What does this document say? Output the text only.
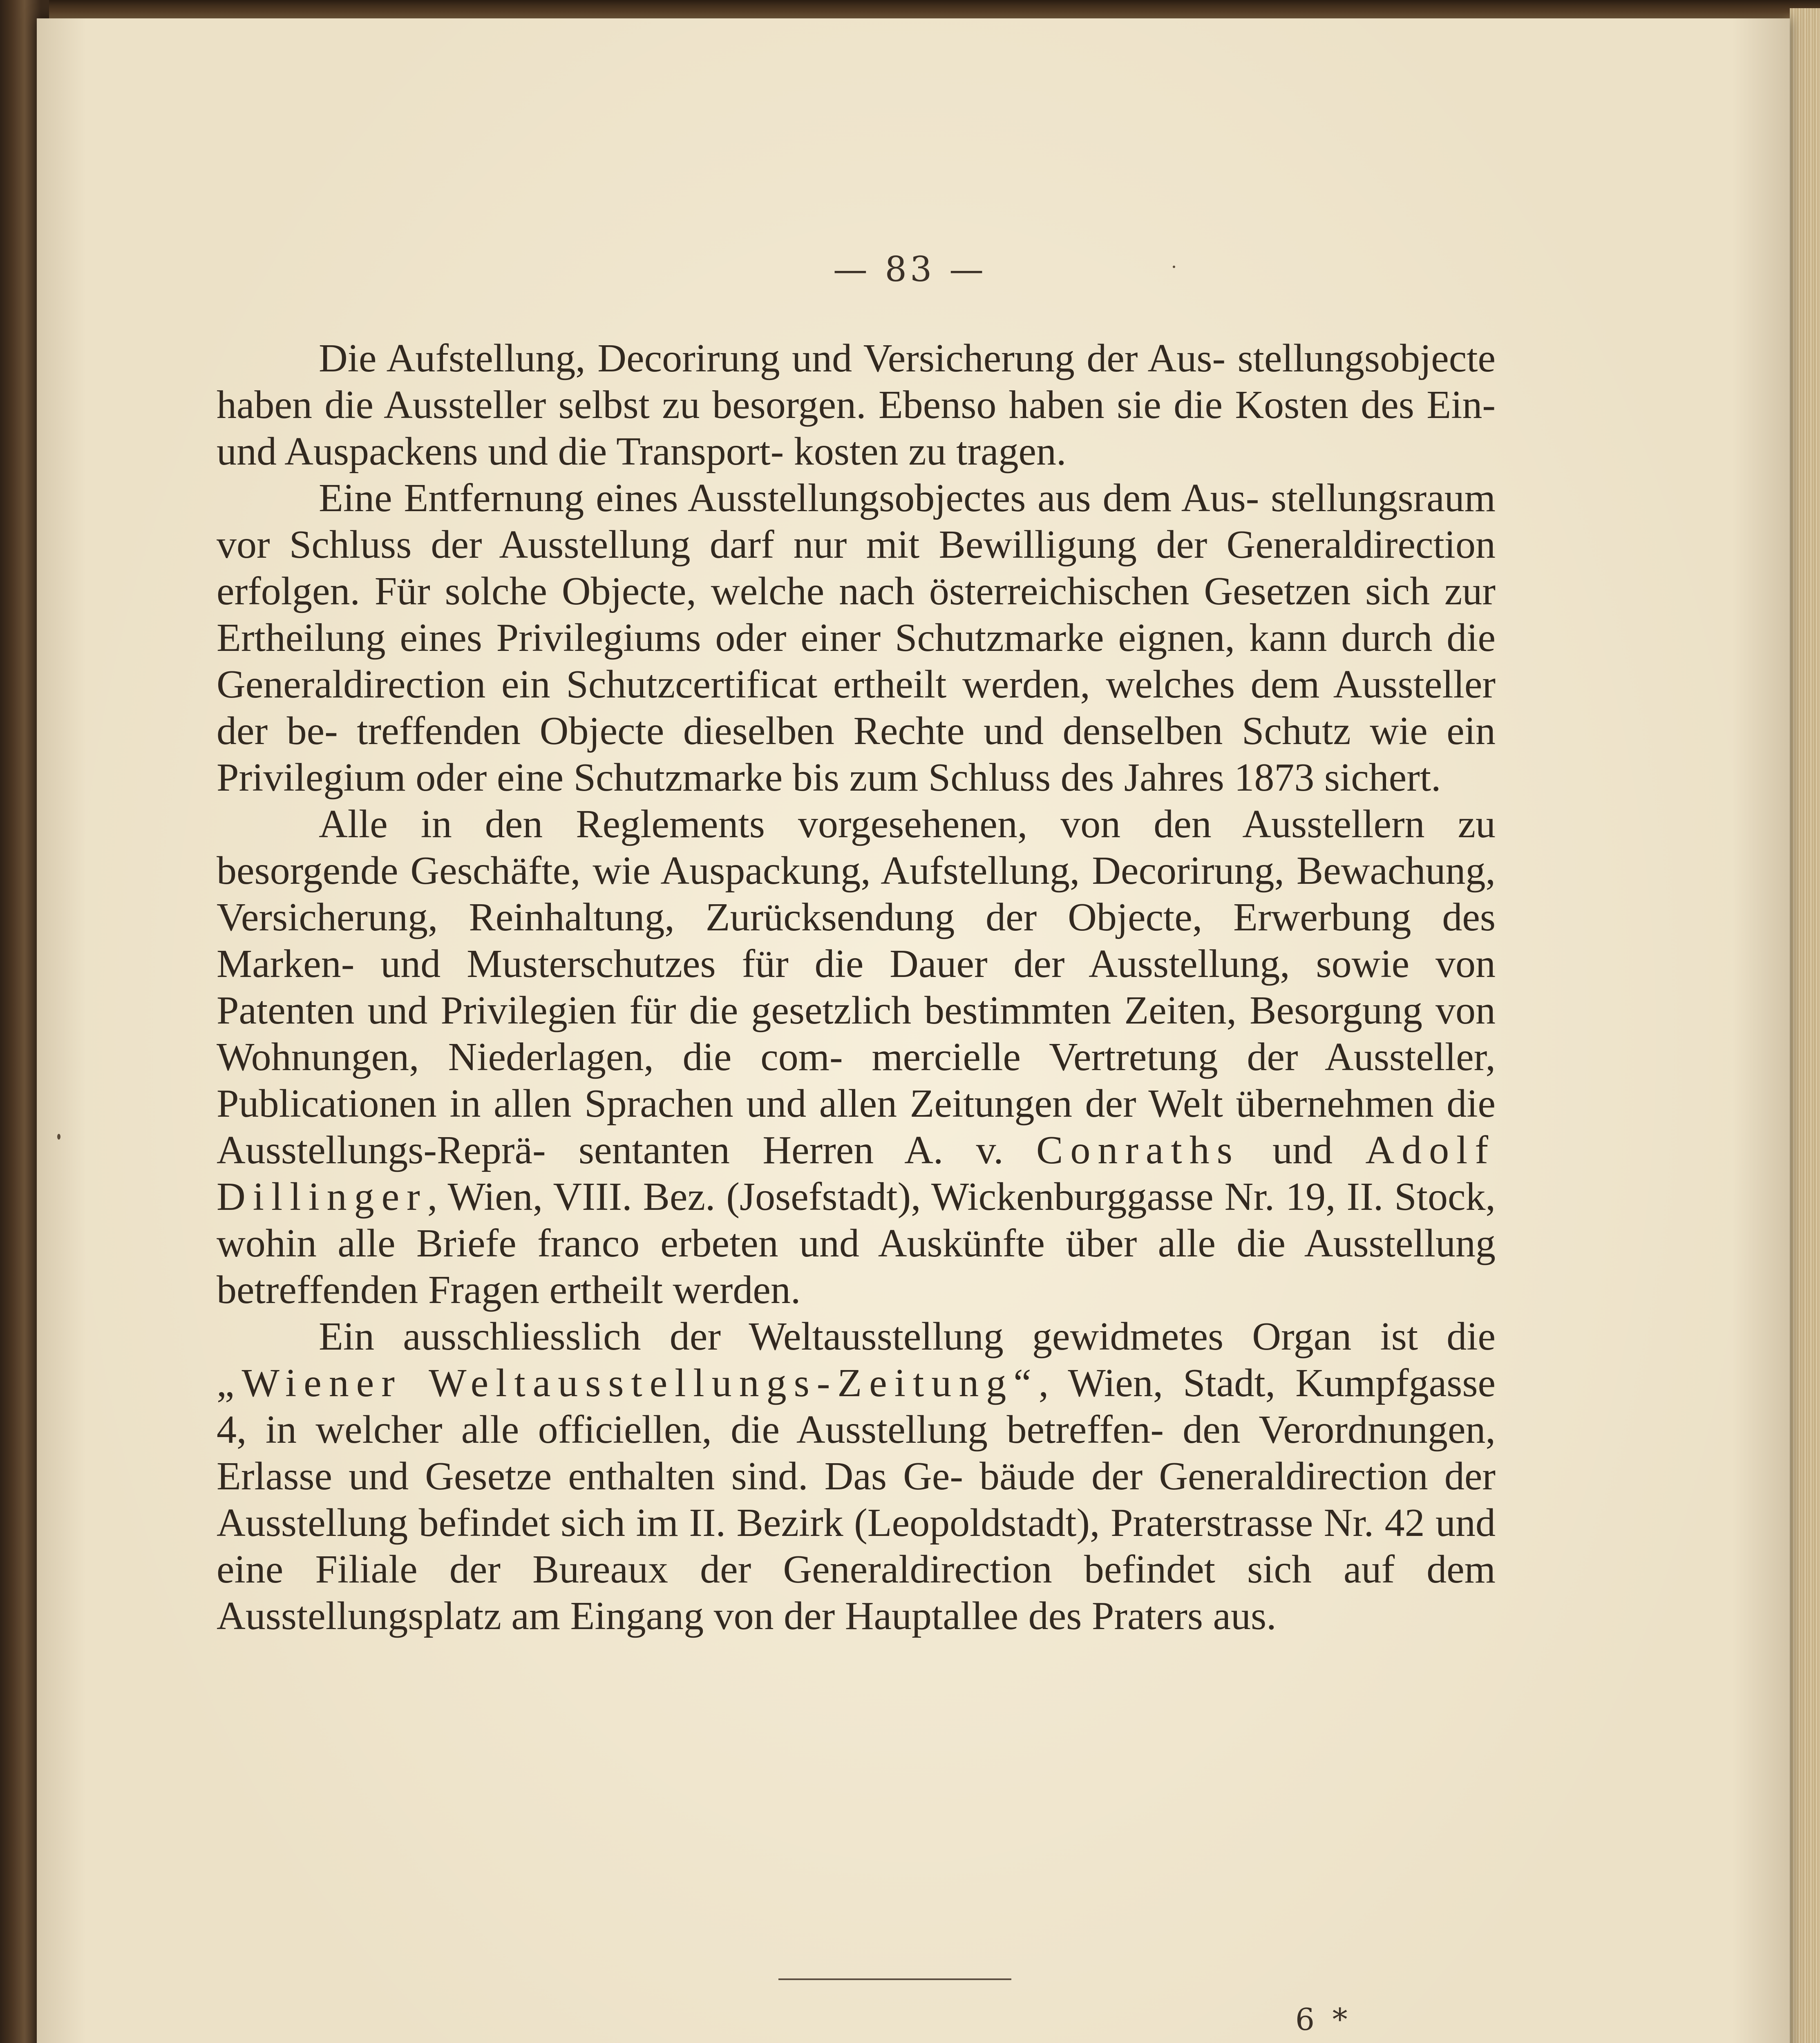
— 83 —

Die Aufstellung, Decorirung und Versicherung der Aus- stellungsobjecte haben die Aussteller selbst zu besorgen. Ebenso haben sie die Kosten des Ein- und Auspackens und die Transport- kosten zu tragen.

Eine Entfernung eines Ausstellungsobjectes aus dem Aus- stellungsraum vor Schluss der Ausstellung darf nur mit Bewilligung der Generaldirection erfolgen. Für solche Objecte, welche nach österreichischen Gesetzen sich zur Ertheilung eines Privilegiums oder einer Schutzmarke eignen, kann durch die Generaldirection ein Schutzcertificat ertheilt werden, welches dem Aussteller der be- treffenden Objecte dieselben Rechte und denselben Schutz wie ein Privilegium oder eine Schutzmarke bis zum Schluss des Jahres 1873 sichert.

Alle in den Reglements vorgesehenen, von den Ausstellern zu besorgende Geschäfte, wie Auspackung, Aufstellung, Decorirung, Bewachung, Versicherung, Reinhaltung, Zurücksendung der Objecte, Erwerbung des Marken- und Musterschutzes für die Dauer der Ausstellung, sowie von Patenten und Privilegien für die gesetzlich bestimmten Zeiten, Besorgung von Wohnungen, Niederlagen, die com- mercielle Vertretung der Aussteller, Publicationen in allen Sprachen und allen Zeitungen der Welt übernehmen die Ausstellungs-Reprä- sentanten Herren A. v. Conraths und Adolf Dillinger, Wien, VIII. Bez. (Josefstadt), Wickenburggasse Nr. 19, II. Stock, wohin alle Briefe franco erbeten und Auskünfte über alle die Ausstellung betreffenden Fragen ertheilt werden.

Ein ausschliesslich der Weltausstellung gewidmetes Organ ist die „Wiener Weltausstellungs-Zeitung“, Wien, Stadt, Kumpfgasse 4, in welcher alle officiellen, die Ausstellung betreffen- den Verordnungen, Erlasse und Gesetze enthalten sind. Das Ge- bäude der Generaldirection der Ausstellung befindet sich im II. Bezirk (Leopoldstadt), Praterstrasse Nr. 42 und eine Filiale der Bureaux der Generaldirection befindet sich auf dem Ausstellungsplatz am Eingang von der Hauptallee des Praters aus.

6 *
